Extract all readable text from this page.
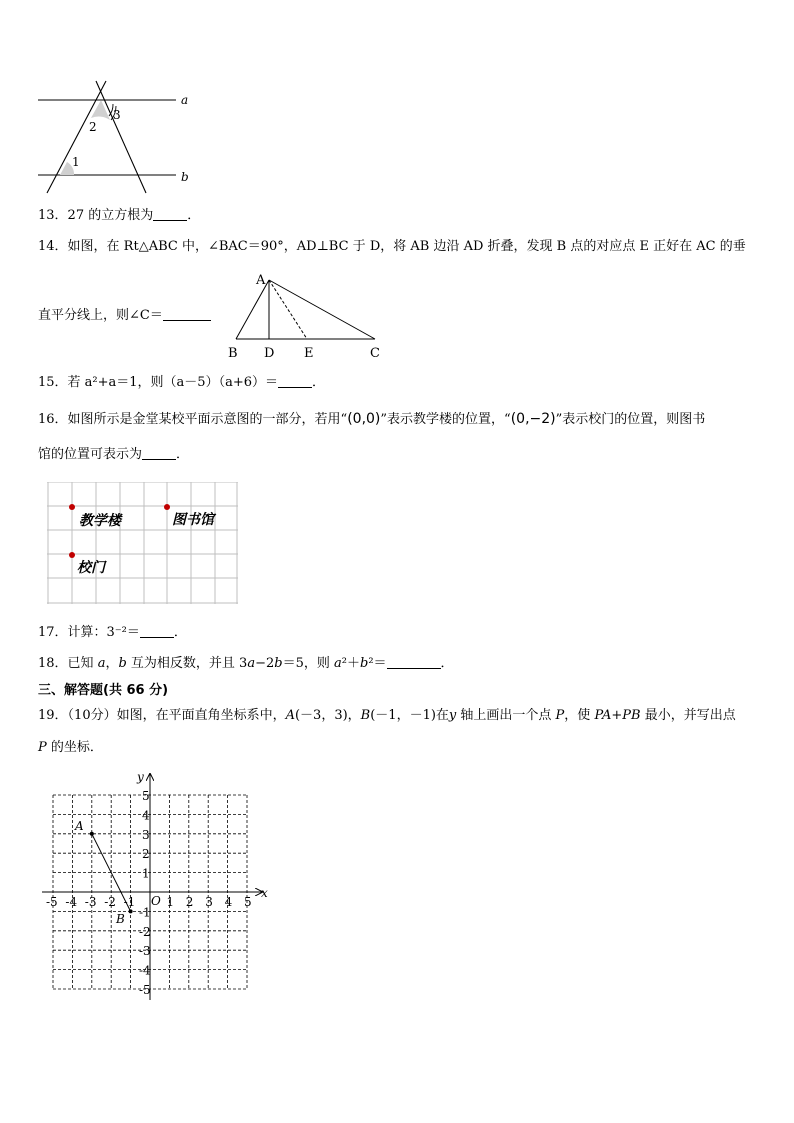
a
b
1
2
3
13．27 的立方根为	．
14．如图，在 Rt△ABC 中，∠BAC＝90°，AD⊥BC 于 D，将 AB 边沿 AD 折叠，发现 B 点的对应点 E 正好在 AC 的垂
直平分线上，则∠C＝
A
B D E	C
15．若 a²+a＝1，则（a－5）（a+6）＝	．
16．如图所示是金堂某校平面示意图的一部分，若用“(0,0)”表示教学楼的位置，“(0,−2)”表示校门的位置，则图书
馆的位置可表示为	．
教学楼	图书馆
校门
17．计算：3⁻²＝	．
18．已知 a，b 互为相反数，并且 3a−2b＝5，则 a²＋b²＝	．
三、解答题(共 66 分)
19．（10分）如图，在平面直角坐标系中，A(－3，3)，B(－1，－1)在y 轴上画出一个点 P，使 PA+PB 最小，并写出点
P 的坐标．
x
y
O
-5 -4 -3 -2 -1	1 2 3 4 5
5
4
3
2
1
-1
-2
-3
-4
-5
A
B
